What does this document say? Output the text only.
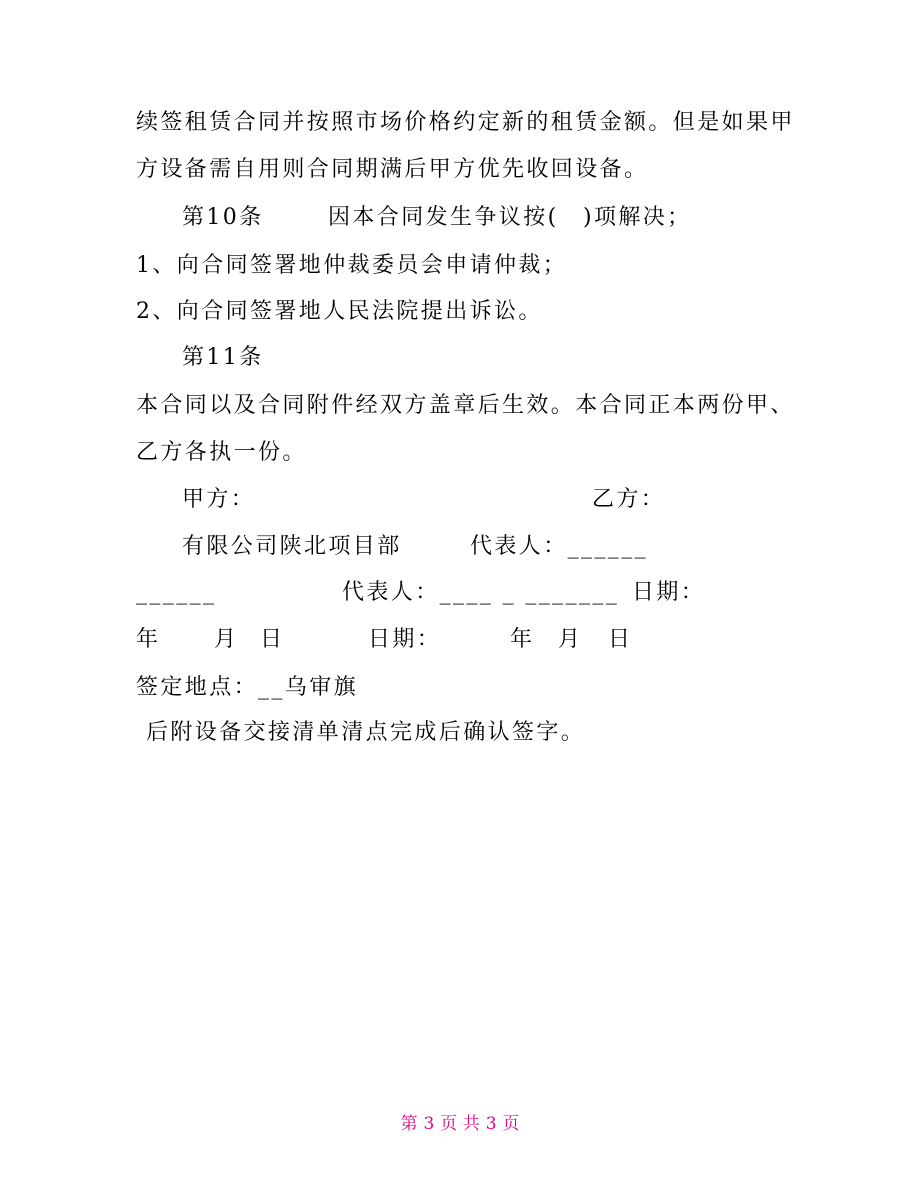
续签租赁合同并按照市场价格约定新的租赁金额。但是如果甲
方设备需自用则合同期满后甲方优先收回设备。
第10条	因本合同发生争议按(　)项解决；
1、向合同签署地仲裁委员会申请仲裁；
2、向合同签署地人民法院提出诉讼。
第11条
本合同以及合同附件经双方盖章后生效。本合同正本两份甲、
乙方各执一份。
甲方：	乙方：
有限公司陕北项目部	代表人：______
______	代表人：____ _ _______ 日期：
年 月 日	日期：	年 月 日
签定地点：__乌审旗
后附设备交接清单清点完成后确认签字。
第 3 页 共 3 页
